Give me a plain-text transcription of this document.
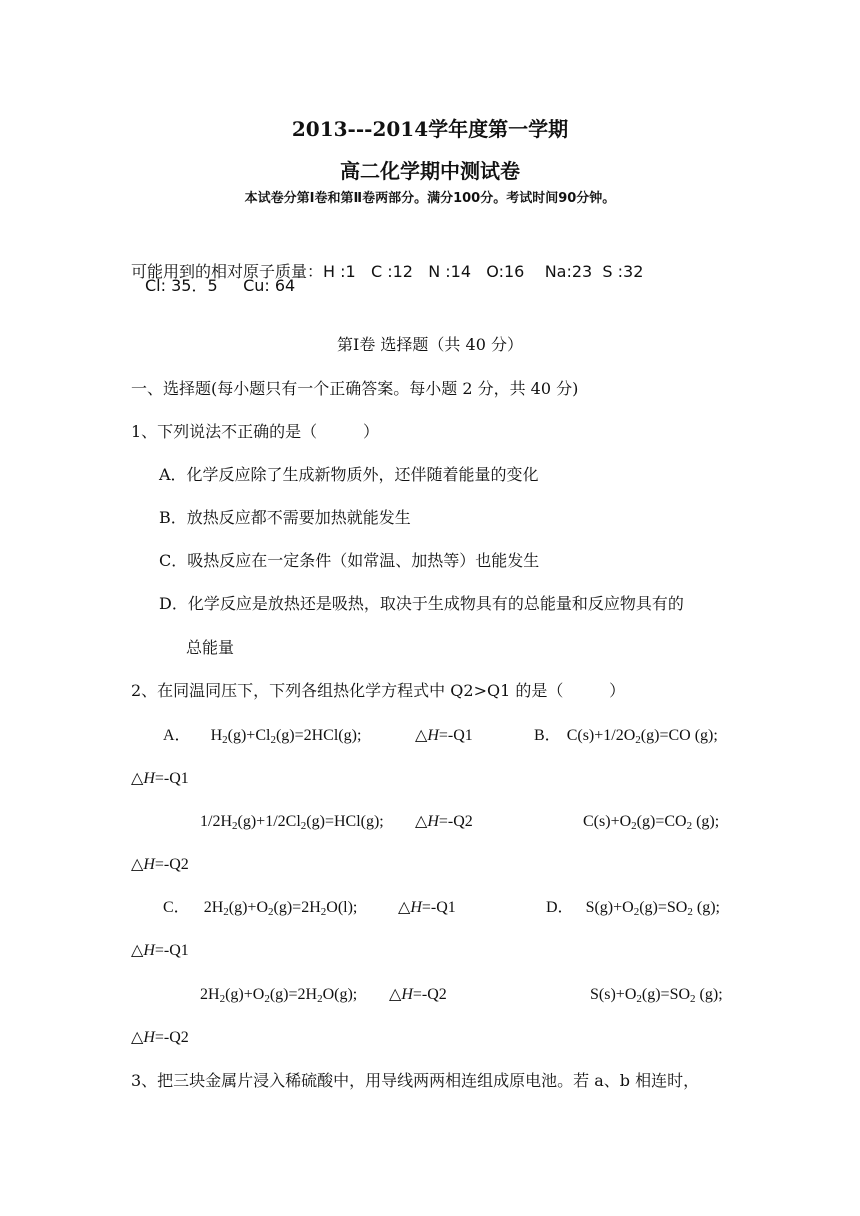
2013---2014学年度第一学期
高二化学期中测试卷
本试卷分第Ⅰ卷和第Ⅱ卷两部分。满分100分。考试时间90分钟。
可能用到的相对原子质量：H :1   C :12   N :14   O:16    Na:23  S :32
Cl: 35．5     Cu: 64
第Ⅰ卷 选择题（共 40 分）
一、选择题(每小题只有一个正确答案。每小题 2 分，共 40 分)
1、下列说法不正确的是（         ）
A．化学反应除了生成新物质外，还伴随着能量的变化
B．放热反应都不需要加热就能发生
C．吸热反应在一定条件（如常温、加热等）也能发生
D．化学反应是放热还是吸热，取决于生成物具有的总能量和反应物具有的
总能量
2、在同温同压下，下列各组热化学方程式中 Q2>Q1 的是（         ）
A． $H_2(g)+Cl_2(g)=2HCl(g)$;	△H=-Q1	B． $C(s)+1/2O_2(g)=CO$ (g);
△H=-Q1
$1/2H_2(g)+1/2Cl_2(g)=HCl(g)$; △H=-Q2	$C(s)+O_2(g)=CO_2$ (g);
△H=-Q2
C． $2H_2(g)+O_2(g)=2H_2O(l)$;	△H=-Q1	D． $S(g)+O_2(g)=SO_2$ (g);
△H=-Q1
$2H_2(g)+O_2(g)=2H_2O(g)$; △H=-Q2	$S(s)+O_2(g)=SO_2$ (g);
△H=-Q2
3、把三块金属片浸入稀硫酸中，用导线两两相连组成原电池。若 a、b 相连时，
